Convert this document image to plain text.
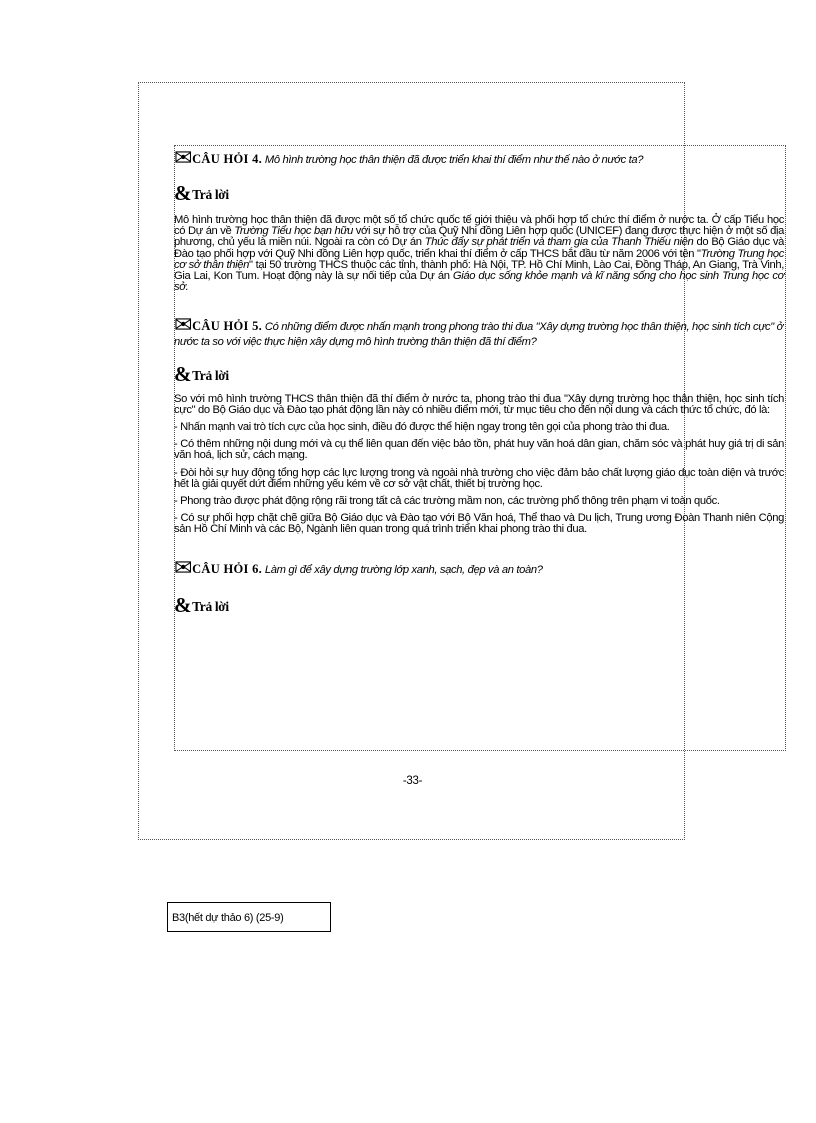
✉CÂU HỎI 4. Mô hình trường học thân thiện đã được triển khai thí điểm như thế nào ở nước ta?

&Trả lời

Mô hình trường học thân thiện đã được một số tổ chức quốc tế giới thiệu và phối hợp tổ chức thí điểm ở nước ta. Ở cấp Tiểu học có Dự án về Trường Tiểu học bạn hữu với sự hỗ trợ của Quỹ Nhi đồng Liên hợp quốc (UNICEF) đang được thực hiện ở một số địa phương, chủ yếu là miền núi. Ngoài ra còn có Dự án Thúc đẩy sự phát triển và tham gia của Thanh Thiếu niên do Bộ Giáo dục và Đào tạo phối hợp với Quỹ Nhi đồng Liên hợp quốc, triển khai thí điểm ở cấp THCS bắt đầu từ năm 2006 với tên "Trường Trung học cơ sở thân thiện" tại 50 trường THCS thuộc các tỉnh, thành phố: Hà Nội, TP. Hồ Chí Minh, Lào Cai, Đồng Tháp, An Giang, Trà Vinh, Gia Lai, Kon Tum. Hoạt động này là sự nối tiếp của Dự án Giáo dục sống khỏe mạnh và kĩ năng sống cho học sinh Trung học cơ sở.

✉CÂU HỎI 5. Có những điểm được nhấn mạnh trong phong trào thi đua "Xây dựng trường học thân thiện, học sinh tích cực" ở nước ta so với việc thực hiện xây dựng mô hình trường thân thiện đã thí điểm?

&Trả lời

So với mô hình trường THCS thân thiện đã thí điểm ở nước ta, phong trào thi đua "Xây dựng trường học thân thiện, học sinh tích cực" do Bộ Giáo dục và Đào tạo phát động lần này có nhiều điểm mới, từ mục tiêu cho đến nội dung và cách thức tổ chức, đó là:

- Nhấn mạnh vai trò tích cực của học sinh, điều đó được thể hiện ngay trong tên gọi của phong trào thi đua.

- Có thêm những nội dung mới và cụ thể liên quan đến việc bảo tồn, phát huy văn hoá dân gian, chăm sóc và phát huy giá trị di sản văn hoá, lịch sử, cách mạng.

- Đòi hỏi sự huy động tổng hợp các lực lượng trong và ngoài nhà trường cho việc đảm bảo chất lượng giáo dục toàn diện và trước hết là giải quyết dứt điểm những yếu kém về cơ sở vật chất, thiết bị trường học.

- Phong trào được phát động rộng rãi trong tất cả các trường mầm non, các trường phổ thông trên phạm vi toàn quốc.

- Có sự phối hợp chặt chẽ giữa Bộ Giáo dục và Đào tạo với Bộ Văn hoá, Thể thao và Du lịch, Trung ương Đoàn Thanh niên Cộng sản Hồ Chí Minh và các Bộ, Ngành liên quan trong quá trình triển khai phong trào thi đua.

✉CÂU HỎI 6. Làm gì để xây dựng trường lớp xanh, sạch, đẹp và an toàn?

&Trả lời

-33-
B3(hết dự thảo 6) (25-9)
